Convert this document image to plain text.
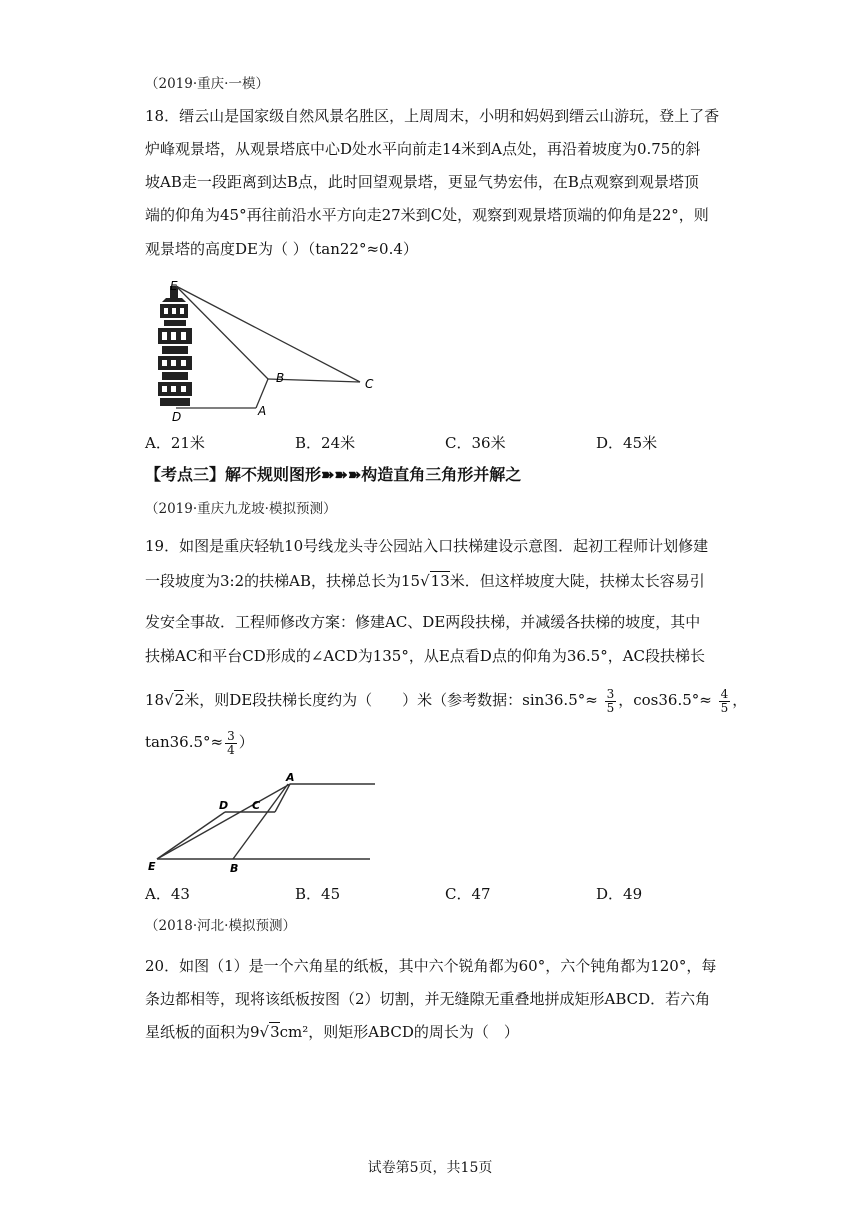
（2019·重庆·一模）
18．缙云山是国家级自然风景名胜区，上周周末，小明和妈妈到缙云山游玩，登上了香
炉峰观景塔，从观景塔底中心D处水平向前走14米到A点处，再沿着坡度为0.75的斜
坡AB走一段距离到达B点，此时回望观景塔，更显气势宏伟，在B点观察到观景塔顶
端的仰角为45°再往前沿水平方向走27米到C处，观察到观景塔顶端的仰角是22°，则
观景塔的高度DE为（ ）（tan22°≈0.4）
E
B	C
D	A
A．21米	B．24米	C．36米	D．45米
【考点三】解不规则图形➽➽➽构造直角三角形并解之
（2019·重庆九龙坡·模拟预测）
19．如图是重庆轻轨10号线龙头寺公园站入口扶梯建设示意图．起初工程师计划修建
一段坡度为3:2的扶梯AB，扶梯总长为15√13米．但这样坡度大陡，扶梯太长容易引
发安全事故．工程师修改方案：修建AC、DE两段扶梯，并减缓各扶梯的坡度，其中
扶梯AC和平台CD形成的∠ACD为135°，从E点看D点的仰角为36.5°，AC段扶梯长
18√2米，则DE段扶梯长度约为（　　）米（参考数据：$\sin 36.5^\circ\approx \frac{3}{5}$ ，$\cos 36.5^\circ\approx \frac{4}{5}$ ，
$\tan 36.5^\circ\approx \frac{3}{4}$ ）
A
D C
E	B
A．43	B．45	C．47	D．49
（2018·河北·模拟预测）
20．如图（1）是一个六角星的纸板，其中六个锐角都为60°，六个钝角都为120°，每
条边都相等，现将该纸板按图（2）切割，并无缝隙无重叠地拼成矩形ABCD．若六角
星纸板的面积为9√3cm²，则矩形ABCD的周长为（　）
试卷第5页，共15页
